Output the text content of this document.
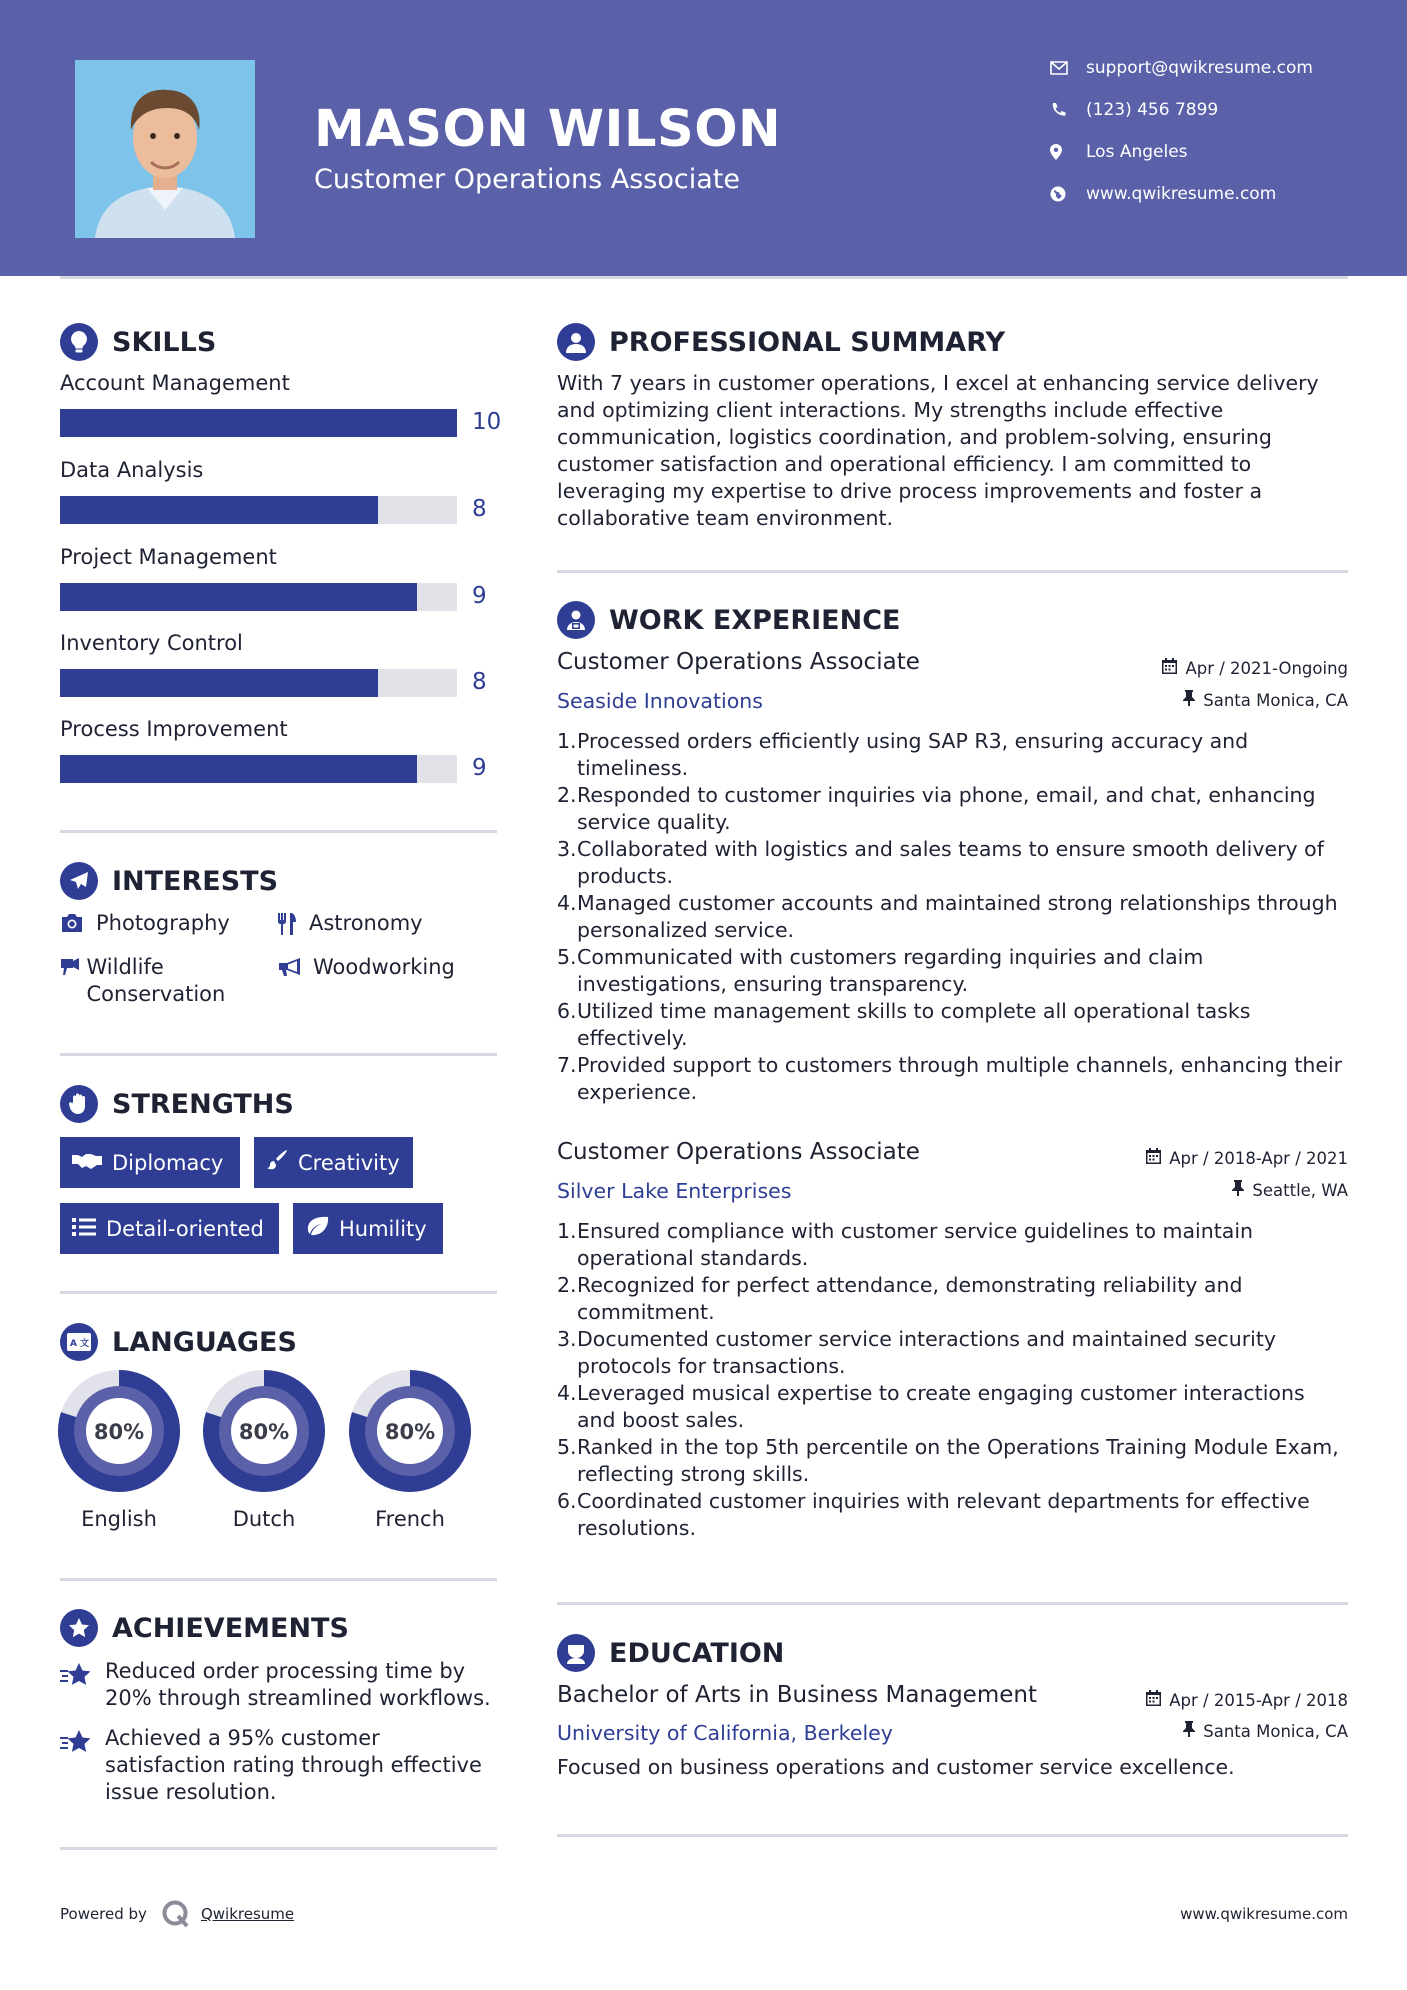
MASON WILSON
Customer Operations Associate
support@qwikresume.com
(123) 456 7899
Los Angeles
www.qwikresume.com
SKILLS
Account Management
10
Data Analysis
8
Project Management
9
Inventory Control
8
Process Improvement
9
INTERESTS
Photography	Astronomy
Wildlife Conservation
Woodworking
STRENGTHS
Diplomacy	Creativity
Detail-oriented	Humility
A 文 LANGUAGES
80%	80%	80%
English	Dutch	French
ACHIEVEMENTS
Reduced order processing time by 20% through streamlined workflows.
Achieved a 95% customer satisfaction rating through effective issue resolution.
PROFESSIONAL SUMMARY
With 7 years in customer operations, I excel at enhancing service delivery and optimizing client interactions. My strengths include effective communication, logistics coordination, and problem-solving, ensuring customer satisfaction and operational efficiency. I am committed to leveraging my expertise to drive process improvements and foster a collaborative team environment.
WORK EXPERIENCE
Customer Operations Associate
Seaside Innovations
Apr / 2021-Ongoing
Santa Monica, CA
1. Processed orders efficiently using SAP R3, ensuring accuracy and timeliness.
2. Responded to customer inquiries via phone, email, and chat, enhancing service quality.
3. Collaborated with logistics and sales teams to ensure smooth delivery of products.
4. Managed customer accounts and maintained strong relationships through personalized service.
5. Communicated with customers regarding inquiries and claim investigations, ensuring transparency.
6. Utilized time management skills to complete all operational tasks effectively.
7. Provided support to customers through multiple channels, enhancing their experience.
Customer Operations Associate
Silver Lake Enterprises
Apr / 2018-Apr / 2021
Seattle, WA
1. Ensured compliance with customer service guidelines to maintain operational standards.
2. Recognized for perfect attendance, demonstrating reliability and commitment.
3. Documented customer service interactions and maintained security protocols for transactions.
4. Leveraged musical expertise to create engaging customer interactions and boost sales.
5. Ranked in the top 5th percentile on the Operations Training Module Exam, reflecting strong skills.
6. Coordinated customer inquiries with relevant departments for effective resolutions.
EDUCATION
Bachelor of Arts in Business Management
University of California, Berkeley
Apr / 2015-Apr / 2018
Santa Monica, CA
Focused on business operations and customer service excellence.
Powered by	Qwikresume	www.qwikresume.com
